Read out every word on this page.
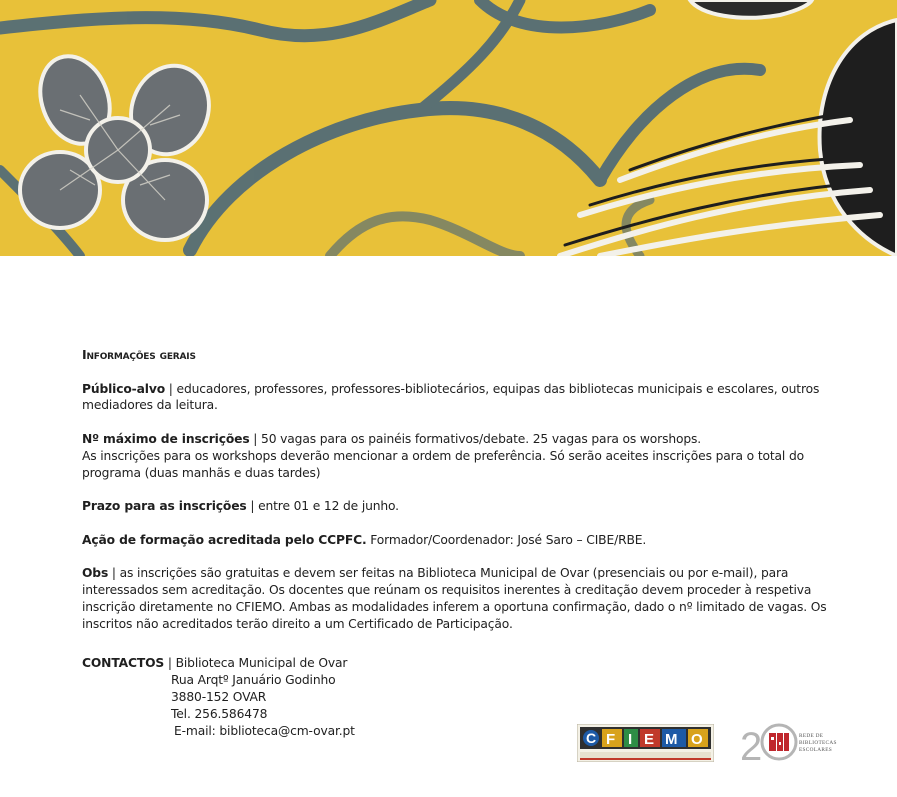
Informações gerais

Público-alvo | educadores, professores, professores-bibliotecários, equipas das bibliotecas municipais e escolares, outros mediadores da leitura.

Nº máximo de inscrições | 50 vagas para os painéis formativos/debate. 25 vagas para os worshops.

As inscrições para os workshops deverão mencionar a ordem de preferência. Só serão aceites inscrições para o total do programa (duas manhãs e duas tardes)

Prazo para as inscrições | entre 01 e 12 de junho.

Ação de formação acreditada pelo CCPFC. Formador/Coordenador: José Saro – CIBE/RBE.

Obs | as inscrições são gratuitas e devem ser feitas na Biblioteca Municipal de Ovar (presenciais ou por e-mail), para interessados sem acreditação. Os docentes que reúnam os requisitos inerentes à creditação devem proceder à respetiva inscrição diretamente no CFIEMO. Ambas as modalidades inferem a oportuna confirmação, dado o nº limitado de vagas. Os inscritos não acreditados terão direito a um Certificado de Participação.

CONTACTOS | Biblioteca Municipal de Ovar

Rua Arqtº Januário Godinho

3880-152 OVAR

Tel. 256.586478

E-mail: biblioteca@cm-ovar.pt	C F I E M O 2	REDE DE
BIBLIOTECAS
ESCOLARES
